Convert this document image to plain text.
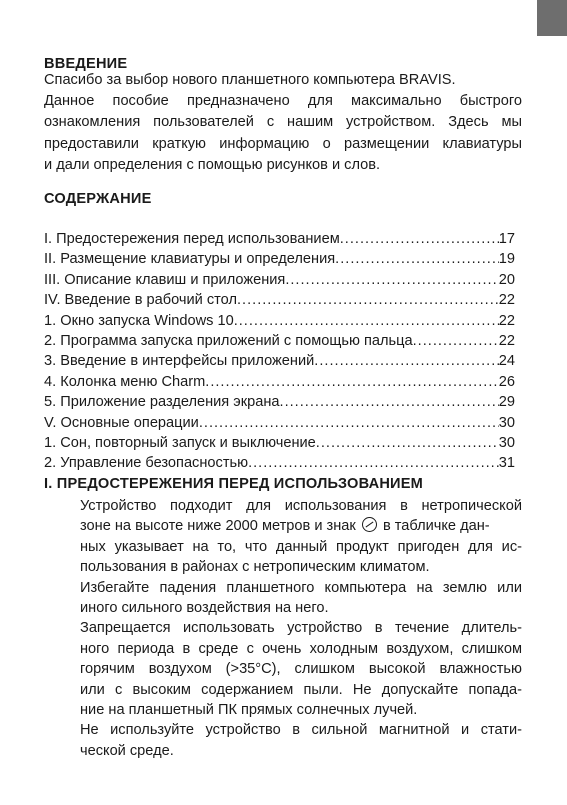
ВВЕДЕНИЕ
Спасибо за выбор нового планшетного компьютера BRAVIS.
Данное пособие предназначено для максимально быстрого
ознакомления пользователей с нашим устройством. Здесь мы
предоставили краткую информацию о размещении клавиатуры
и дали определения с помощью рисунков и слов.
СОДЕРЖАНИЕ
I. Предостережения перед использованием .....	17
II. Размещение клавиатуры и определения .....	19
III. Описание клавиш и приложения .....	20
IV. Введение в рабочий стол .....	22
1. Окно запуска Windows 10 .....	22
2. Программа запуска приложений с помощью пальца .....	22
3. Введение в интерфейсы приложений .....	24
4. Колонка меню Charm .....	26
5. Приложение разделения экрана .....	29
V. Основные операции .....	30
1. Сон, повторный запуск и выключение .....	30
2. Управление безопасностью .....	31
I. ПРЕДОСТЕРЕЖЕНИЯ ПЕРЕД ИСПОЛЬЗОВАНИЕМ
Устройство подходит для использования в нетропической
зоне на высоте ниже 2000 метров и знак в табличке дан-
ных указывает на то, что данный продукт пригоден для ис-
пользования в районах с нетропическим климатом.
Избегайте падения планшетного компьютера на землю или
иного сильного воздействия на него.
Запрещается использовать устройство в течение длитель-
ного периода в среде с очень холодным воздухом, слишком
горячим воздухом (>35°C), слишком высокой влажностью
или с высоким содержанием пыли. Не допускайте попада-
ние на планшетный ПК прямых солнечных лучей.
Не используйте устройство в сильной магнитной и стати-
ческой среде.
